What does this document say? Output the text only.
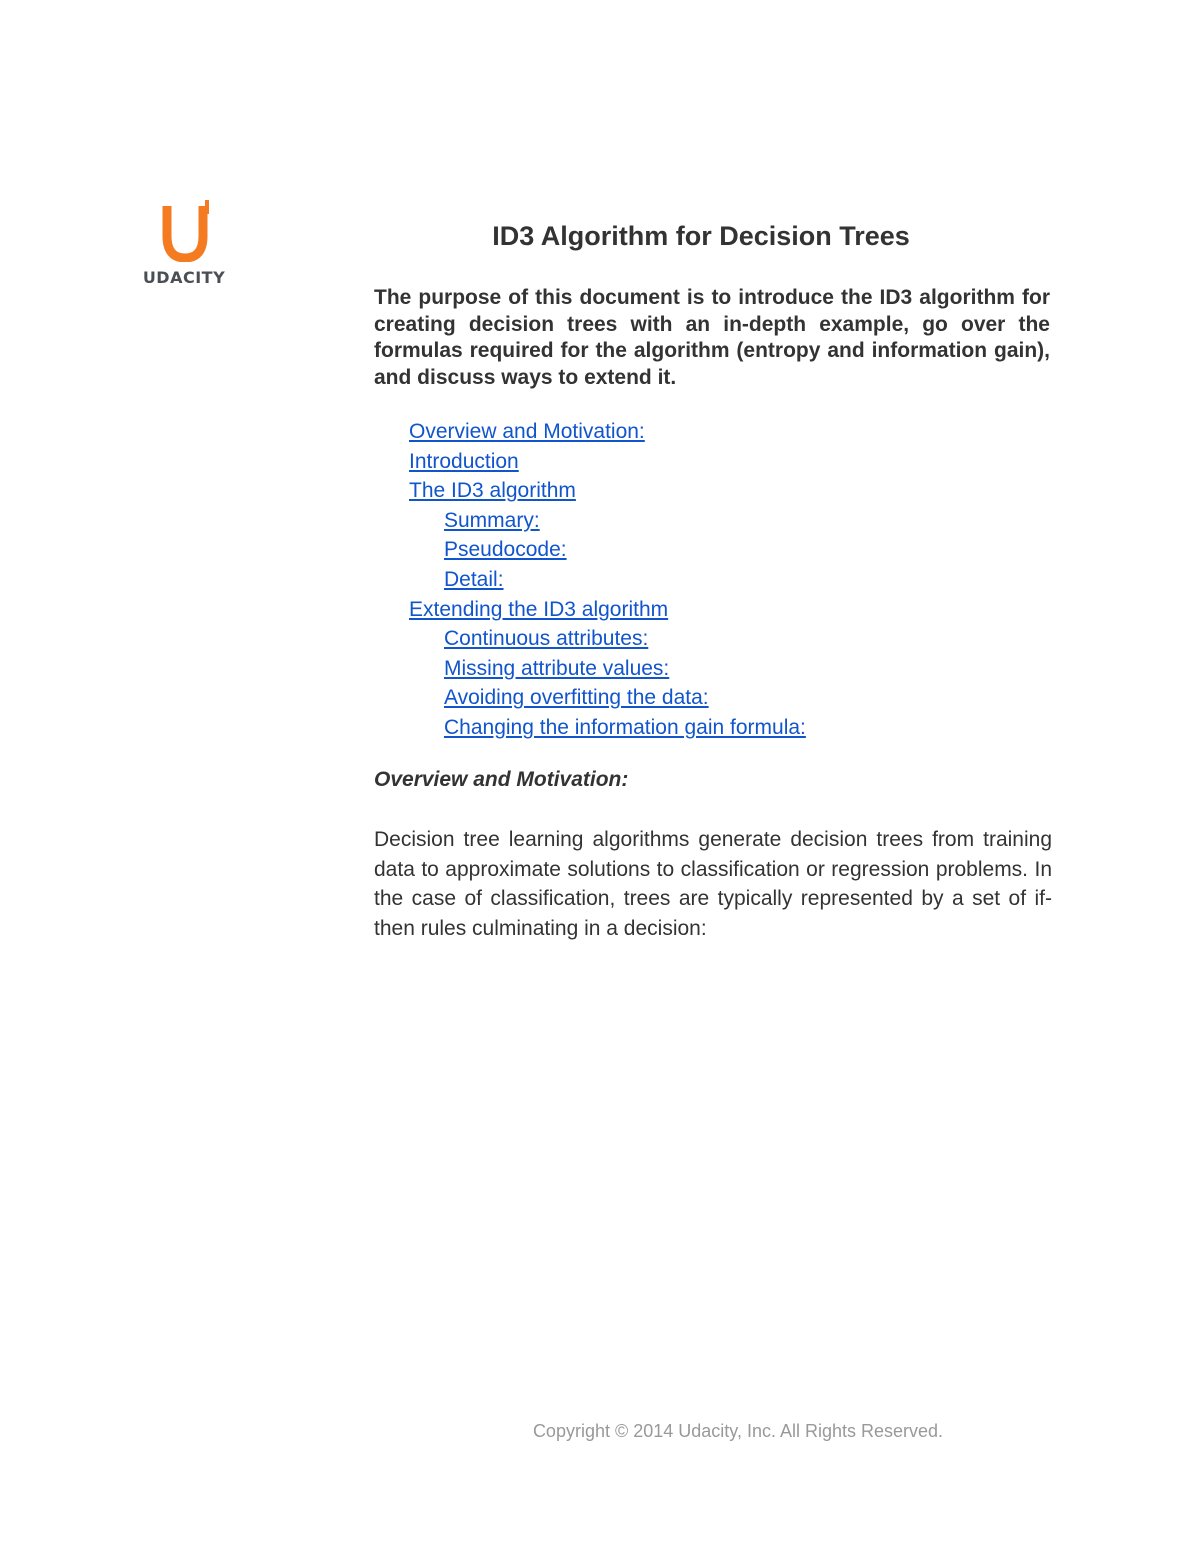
UDACITY
ID3 Algorithm for Decision Trees

The purpose of this document is to introduce the ID3 algorithm for creating decision trees with an in-depth example, go over the formulas required for the algorithm (entropy and information gain), and discuss ways to extend it.

Overview and Motivation:
Introduction
The ID3 algorithm
Summary:
Pseudocode:
Detail:
Extending the ID3 algorithm
Continuous attributes:
Missing attribute values:
Avoiding overfitting the data:
Changing the information gain formula:
Overview and Motivation:

Decision tree learning algorithms generate decision trees from training data to approximate solutions to classification or regression problems. In the case of classification, trees are typically represented by a set of if-then rules culminating in a decision:

Copyright © 2014 Udacity, Inc. All Rights Reserved.
